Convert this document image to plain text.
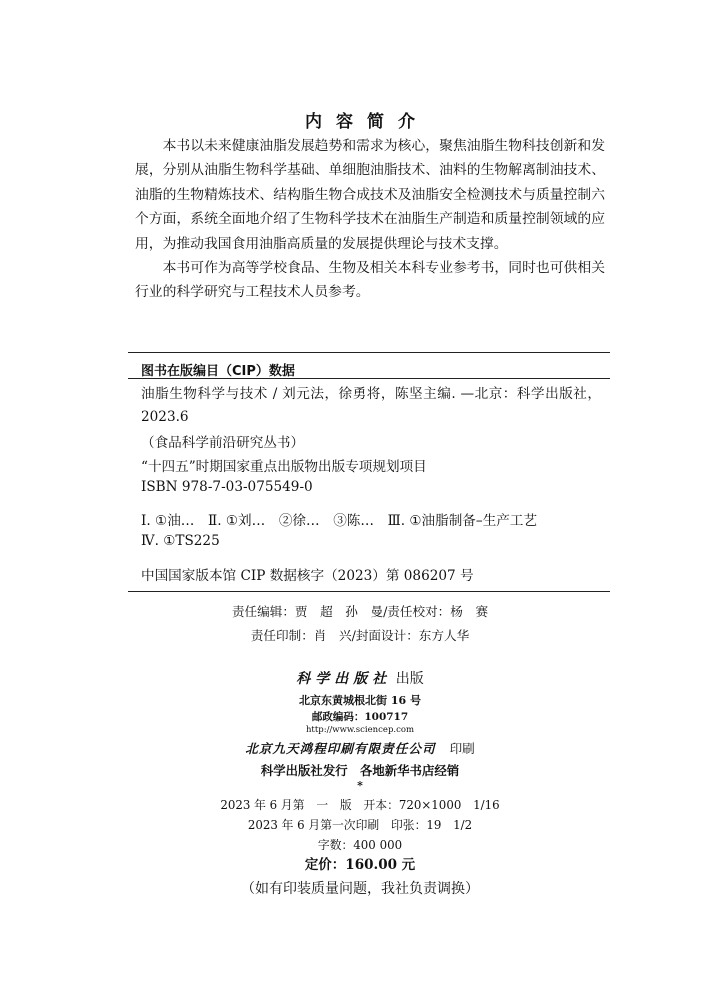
内容简介

本书以未来健康油脂发展趋势和需求为核心，聚焦油脂生物科技创新和发展，分别从油脂生物科学基础、单细胞油脂技术、油料的生物解离制油技术、油脂的生物精炼技术、结构脂生物合成技术及油脂安全检测技术与质量控制六个方面，系统全面地介绍了生物科学技术在油脂生产制造和质量控制领域的应用，为推动我国食用油脂高质量的发展提供理论与技术支撑。

本书可作为高等学校食品、生物及相关本科专业参考书，同时也可供相关行业的科学研究与工程技术人员参考。

图书在版编目（CIP）数据
油脂生物科学与技术 / 刘元法，徐勇将，陈坚主编. —北京：科学出版社，2023.6
（食品科学前沿研究丛书）
“十四五”时期国家重点出版物出版专项规划项目
ISBN 978-7-03-075549-0
Ⅰ. ①油…　Ⅱ. ①刘…　②徐…　③陈…　Ⅲ. ①油脂制备–生产工艺
Ⅳ. ①TS225
中国国家版本馆 CIP 数据核字（2023）第 086207 号
责任编辑：贾　超　孙　曼/责任校对：杨　赛
责任印制：肖　兴/封面设计：东方人华
科学出版社 出版
北京东黄城根北街 16 号
邮政编码：100717
http://www.sciencep.com
北京九天鸿程印刷有限责任公司 印刷
科学出版社发行　各地新华书店经销
*
2023 年 6 月第　一　版　开本：720×1000　1/16
2023 年 6 月第一次印刷　印张：19　1/2
字数：400 000
定价：160.00 元
（如有印装质量问题，我社负责调换）
